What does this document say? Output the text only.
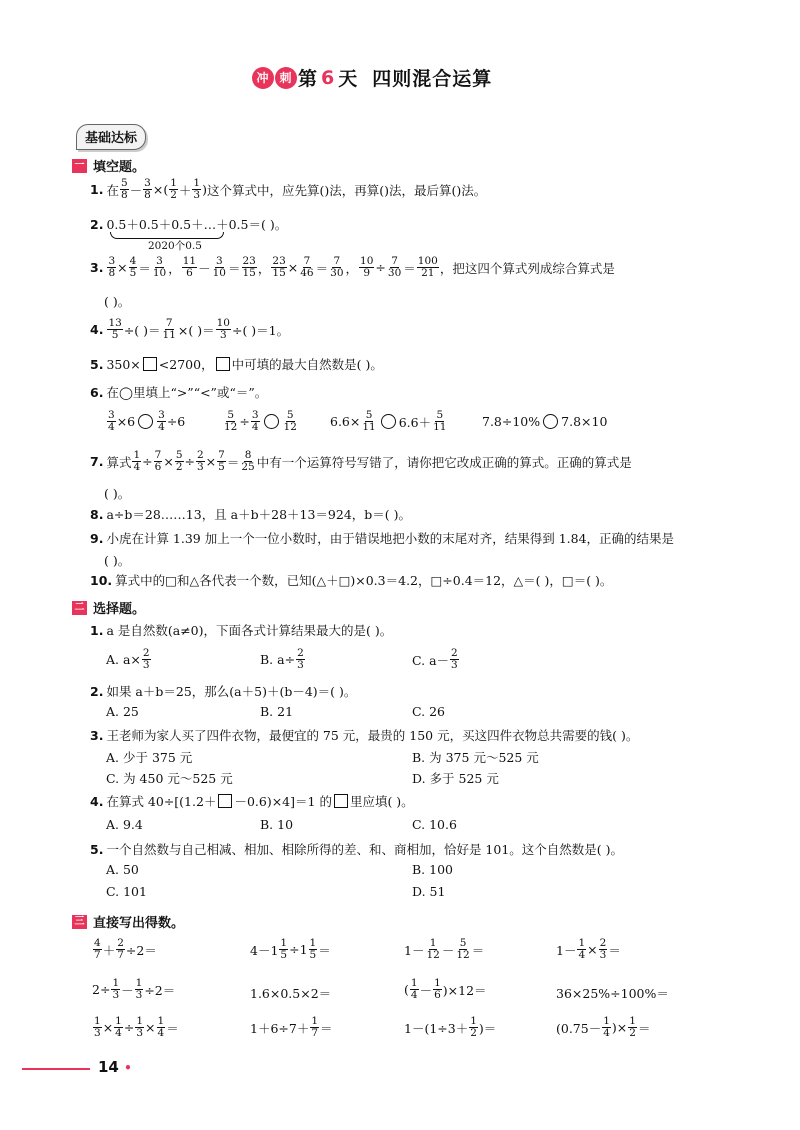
冲 刺 第 6 天 四则混合运算
基础达标
一 填空题。
1. 在 $\frac{5}{8} - \frac{3}{8}$ ×( $\frac{1}{2} + \frac{1}{3}$ ) 这个算式中，应先算( )法，再算( )法，最后算( )法。
2. 0.5＋0.5＋0.5＋…＋0.5＝( )。
2020个0.5
3. $\frac{3}{8} \times \frac{4}{5} = \frac{3}{10}$ ， $\frac{11}{6} - \frac{3}{10} = \frac{23}{15}$ ， $\frac{23}{15} \times \frac{7}{46} = \frac{7}{30}$ ， $\frac{10}{9} \div \frac{7}{30} = \frac{100}{21}$ ，把这四个算式列成综合算式是
( )。
4. $\frac{13}{5}$ ÷( )＝ $\frac{7}{11}$ ×( )＝ $\frac{10}{3}$ ÷( )＝1。
5. 350× <2700， 中可填的最大自然数是( )。
6. 在◯里填上“>”“<”或“＝”。
$\frac{3}{4} \times 6 \frac{3}{4} \div 6$	$\frac{5}{12} \div \frac{3}{4} \frac{5}{12}$	$6.6\times \frac{5}{11} 6.6+ \frac{5}{11}$	7.8÷10% 7.8×10
7. 算式 $\frac{1}{4} \div \frac{7}{6} \times \frac{5}{2} \div \frac{2}{3} \times \frac{7}{5} = \frac{8}{25}$ 中有一个运算符号写错了，请你把它改成正确的算式。正确的算式是
( )。
8. a÷b＝28……13，且 a＋b＋28＋13＝924，b＝( )。
9. 小虎在计算 1.39 加上一个一位小数时，由于错误地把小数的末尾对齐，结果得到 1.84，正确的结果是
( )。
10. 算式中的□和△各代表一个数，已知(△＋□)×0.3＝4.2，□÷0.4＝12，△＝( )，□＝( )。
二 选择题。
1. a 是自然数(a≠0)，下面各式计算结果最大的是( )。
A. $a\times \frac{2}{3}$	B. $a\div \frac{2}{3}$	C. $a- \frac{2}{3}$
2. 如果 a＋b＝25，那么(a＋5)＋(b－4)＝( )。
A. 25	B. 21	C. 26
3. 王老师为家人买了四件衣物，最便宜的 75 元，最贵的 150 元，买这四件衣物总共需要的钱( )。
A. 少于 375 元	B. 为 375 元～525 元
C. 为 450 元～525 元	D. 多于 525 元
4. 在算式 40÷[(1.2＋ －0.6)×4]＝1 的 里应填( )。
A. 9.4	B. 10	C. 10.6
5. 一个自然数与自己相减、相加、相除所得的差、和、商相加，恰好是 101。这个自然数是( )。
A. 50	B. 100
C. 101	D. 51
三 直接写出得数。
$\frac{4}{7} + \frac{2}{7} \div 2=$	$4-1 \frac{1}{5} \div 1 \frac{1}{5}$ ＝	$1- \frac{1}{12} - \frac{5}{12}$ ＝	$1- \frac{1}{4} \times \frac{2}{3}$ ＝
$2\div \frac{1}{3} - \frac{1}{3} \div 2=$	1.6×0.5×2＝	( $\frac{1}{4} - \frac{1}{6} )\times 12=$	36×25%÷100%＝
$\frac{1}{3} \times \frac{1}{4} \div \frac{1}{3} \times \frac{1}{4}$ ＝	$1+6\div 7+ \frac{1}{7}$ ＝	$1-(1\div 3+ \frac{1}{2}$ )＝	($0.75- \frac{1}{4}$ )× $\frac{1}{2}$ ＝
14 •
